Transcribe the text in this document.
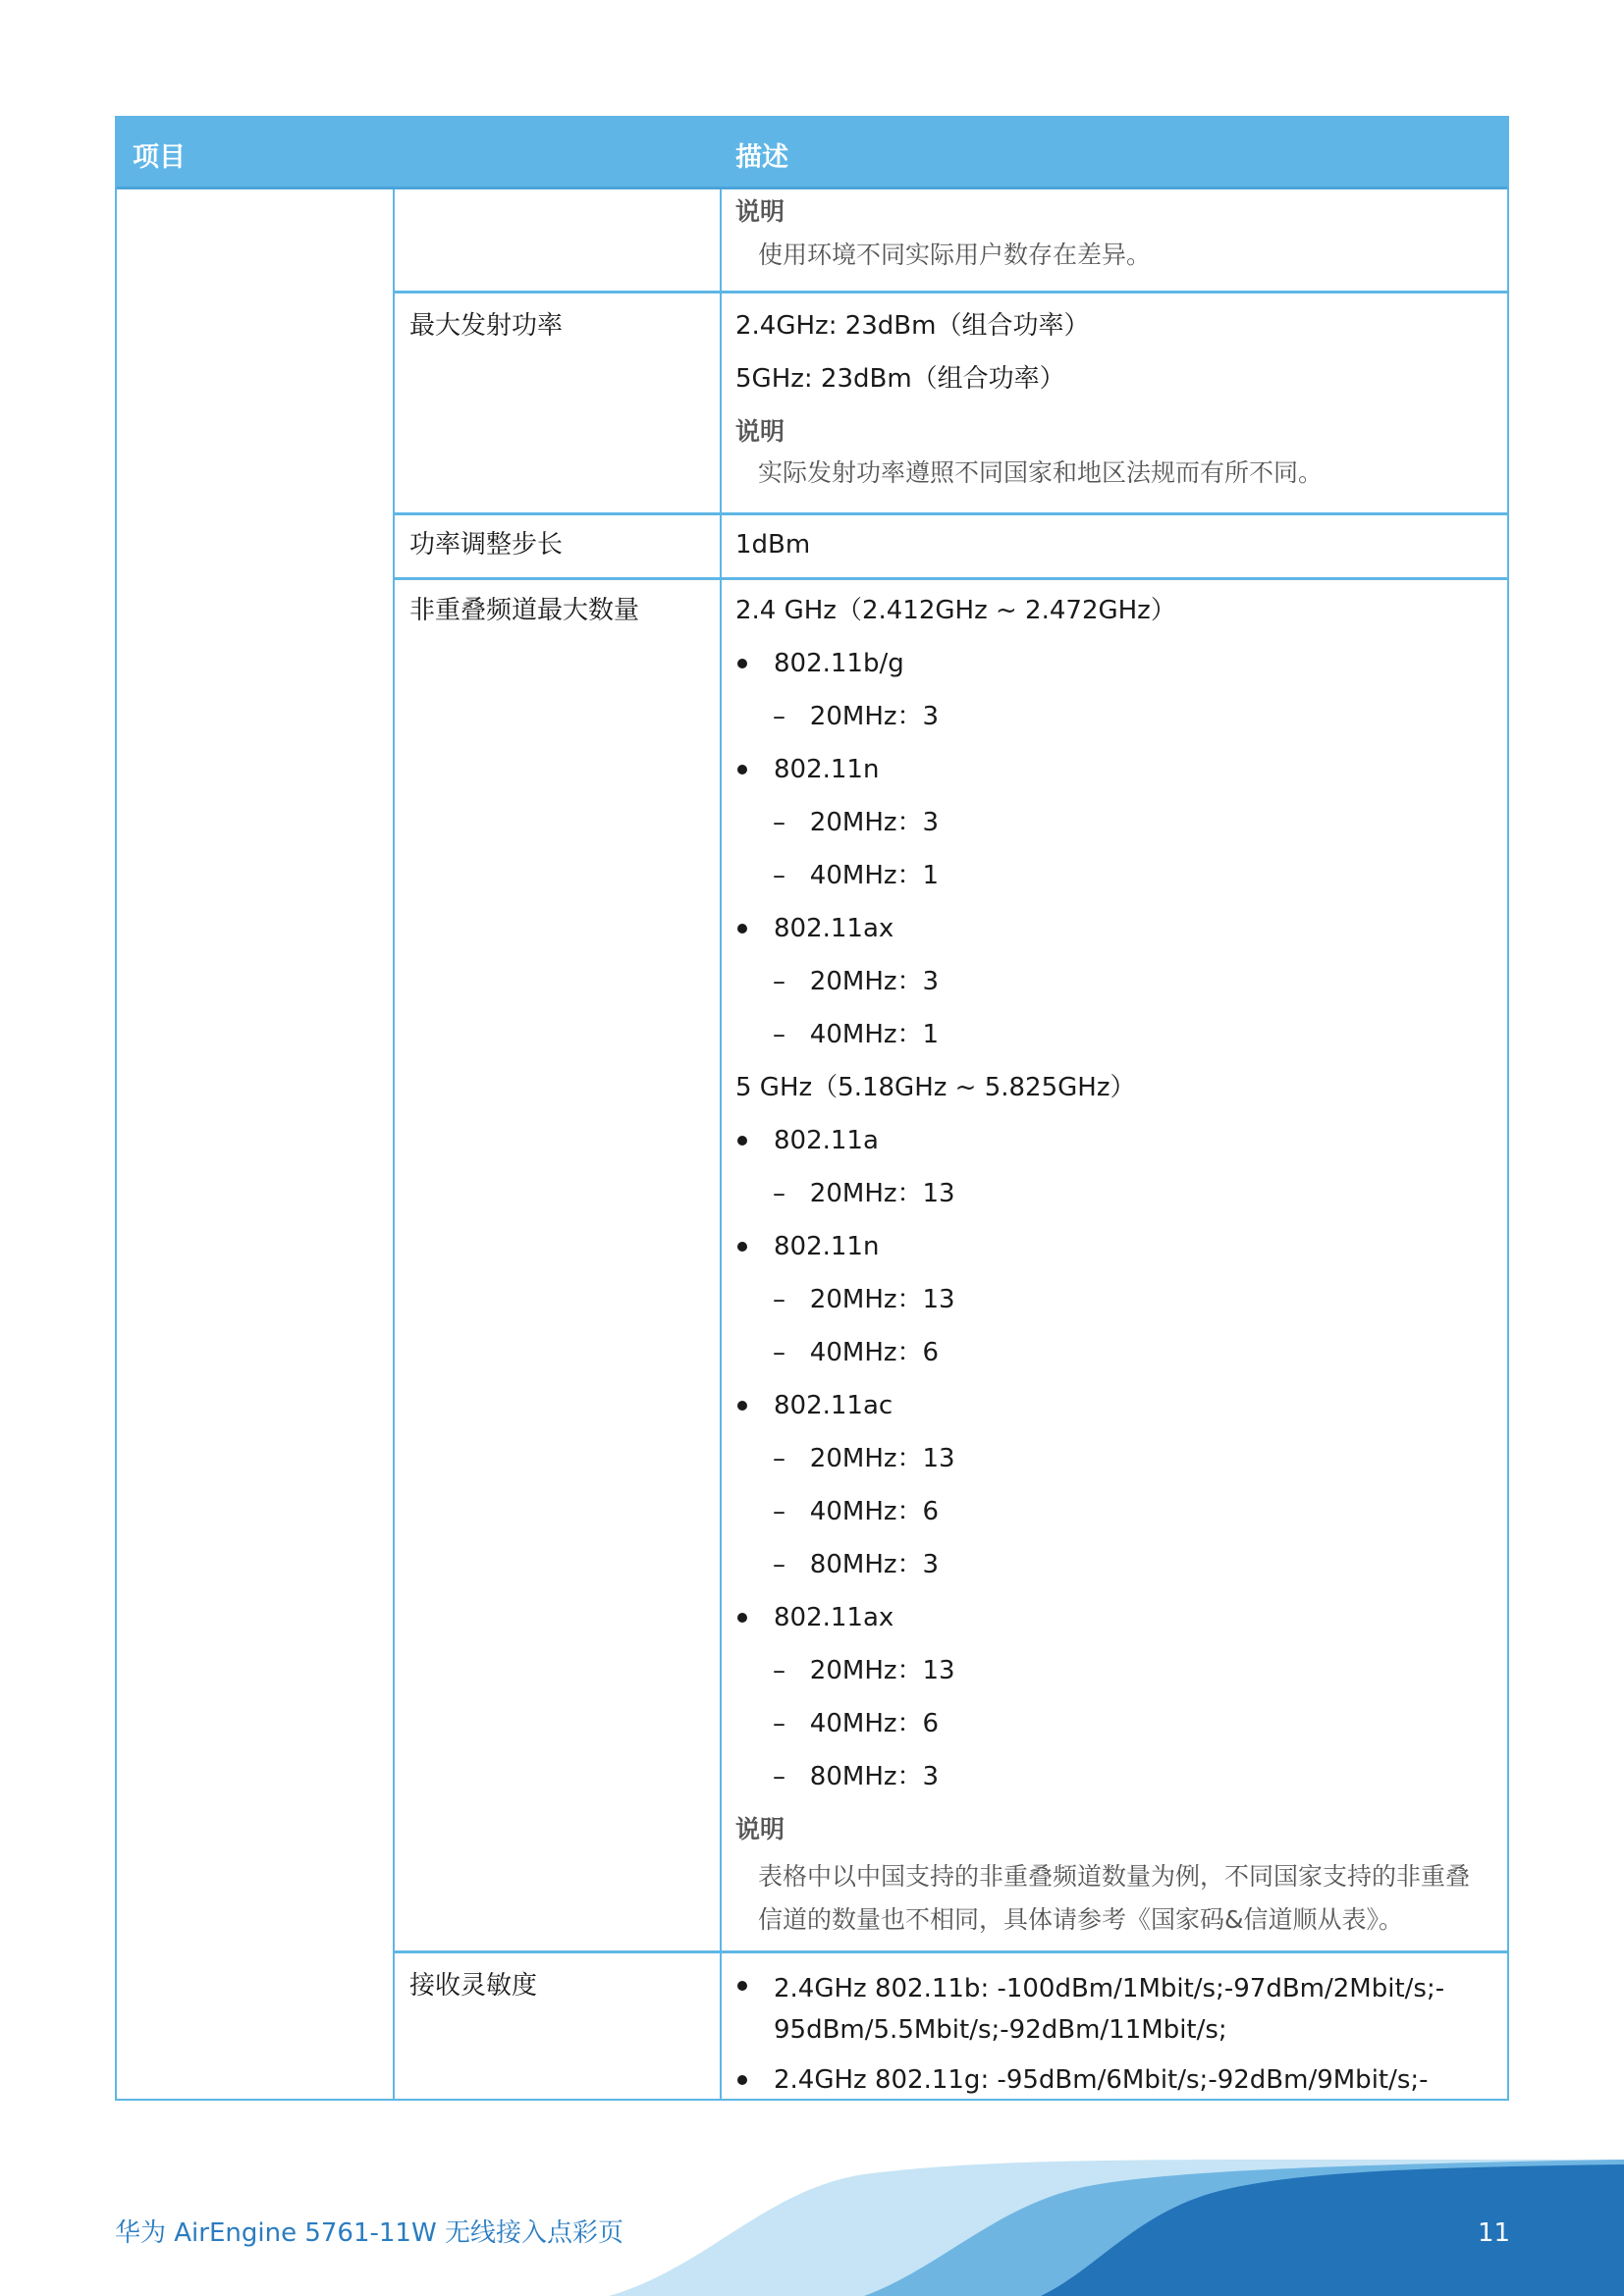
项目	描述
说明
使用环境不同实际用户数存在差异。
最大发射功率	2.4GHz: 23dBm（组合功率）
5GHz: 23dBm（组合功率）
说明
实际发射功率遵照不同国家和地区法规而有所不同。
功率调整步长	1dBm
非重叠频道最大数量	2.4 GHz（2.412GHz ~ 2.472GHz）
802.11b/g
–   20MHz：3
802.11n
–   20MHz：3
–   40MHz：1
802.11ax
–   20MHz：3
–   40MHz：1
5 GHz（5.18GHz ~ 5.825GHz）
802.11a
–   20MHz：13
802.11n
–   20MHz：13
–   40MHz：6
802.11ac
–   20MHz：13
–   40MHz：6
–   80MHz：3
802.11ax
–   20MHz：13
–   40MHz：6
–   80MHz：3
说明
表格中以中国支持的非重叠频道数量为例，不同国家支持的非重叠信道的数量也不相同，具体请参考《国家码&信道顺从表》。
接收灵敏度	2.4GHz 802.11b: -100dBm/1Mbit/s;-97dBm/2Mbit/s;-95dBm/5.5Mbit/s;-92dBm/11Mbit/s;
2.4GHz 802.11g: -95dBm/6Mbit/s;-92dBm/9Mbit/s;-
华为 AirEngine 5761-11W 无线接入点彩页	11
